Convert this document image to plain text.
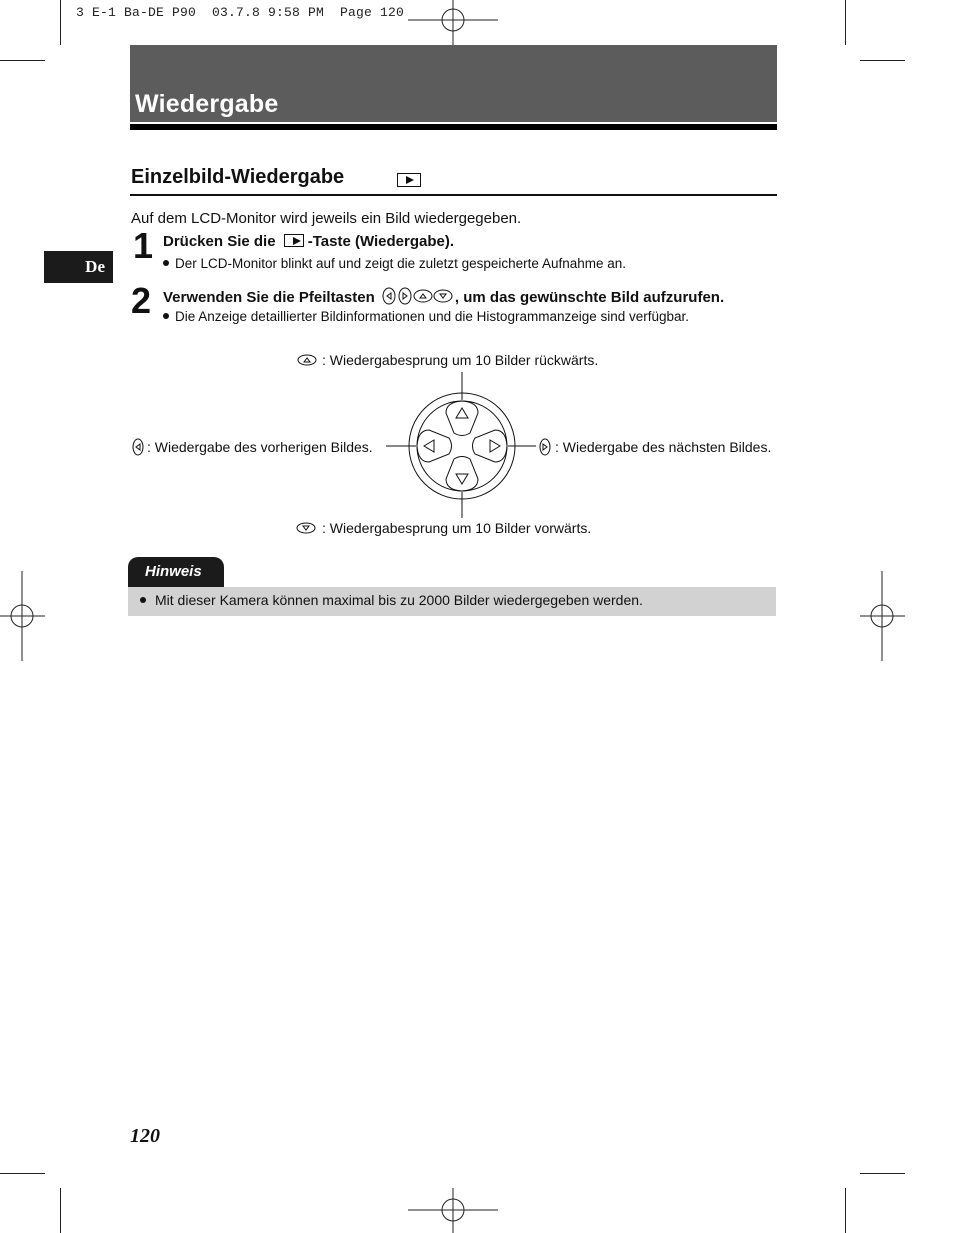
3 E-1 Ba-DE P90  03.7.8 9:58 PM  Page 120
Wiedergabe
Einzelbild-Wiedergabe
Auf dem LCD-Monitor wird jeweils ein Bild wiedergegeben.
De
1 Drücken Sie die -Taste (Wiedergabe).
Der LCD-Monitor blinkt auf und zeigt die zuletzt gespeicherte Aufnahme an.
2 Verwenden Sie die Pfeiltasten	, um das gewünschte Bild aufzurufen.
Die Anzeige detaillierter Bildinformationen und die Histogrammanzeige sind verfügbar.
: Wiedergabesprung um 10 Bilder rückwärts.
: Wiedergabe des vorherigen Bildes.	: Wiedergabe des nächsten Bildes.
: Wiedergabesprung um 10 Bilder vorwärts.
Hinweis
Mit dieser Kamera können maximal bis zu 2000 Bilder wiedergegeben werden.
120
